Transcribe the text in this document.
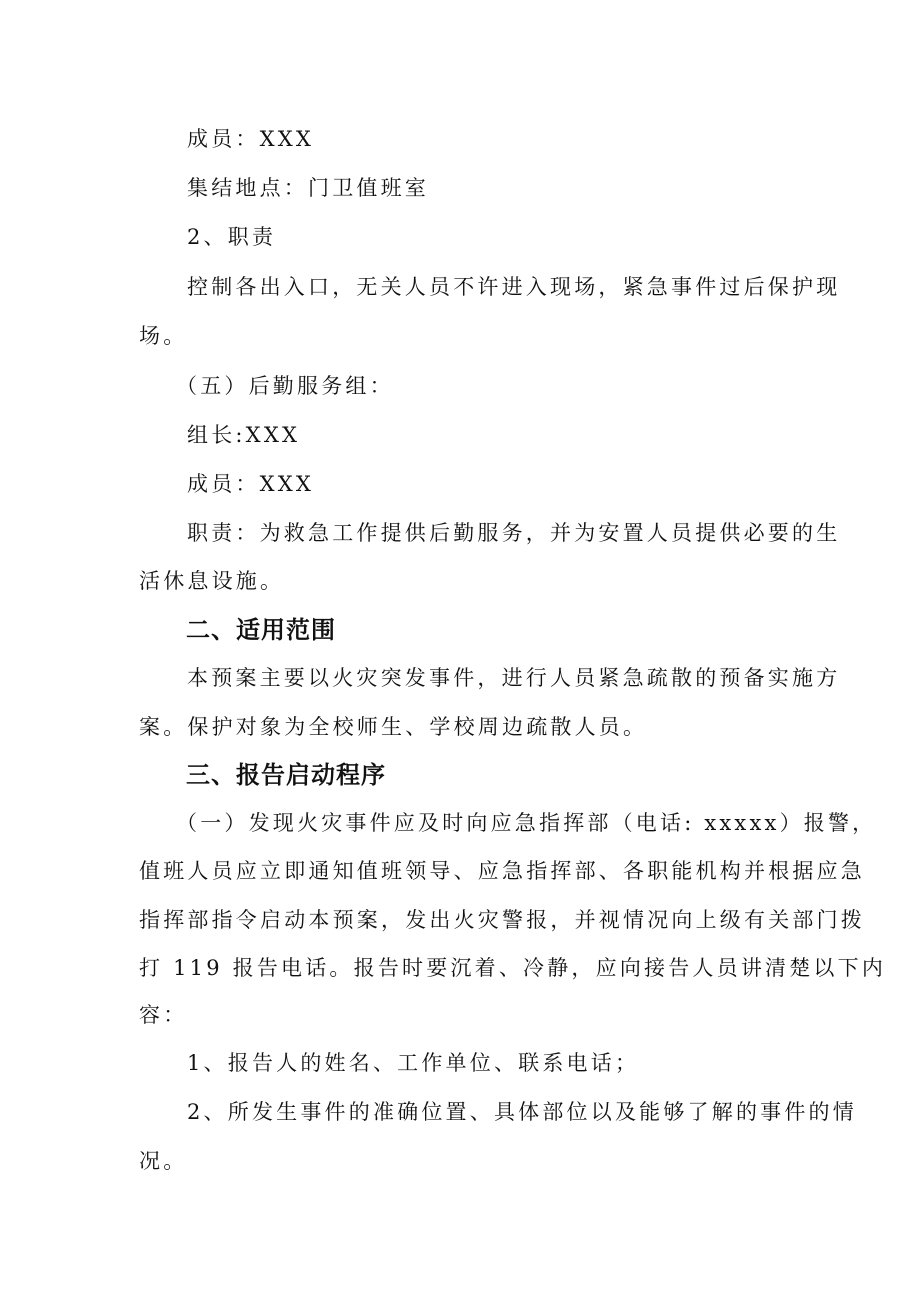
成员：XXX
集结地点：门卫值班室
2、职责
控制各出入口，无关人员不许进入现场，紧急事件过后保护现
场。
（五）后勤服务组：
组长:XXX
成员：XXX
职责：为救急工作提供后勤服务，并为安置人员提供必要的生
活休息设施。
二、适用范围
本预案主要以火灾突发事件，进行人员紧急疏散的预备实施方
案。保护对象为全校师生、学校周边疏散人员。
三、报告启动程序
（一）发现火灾事件应及时向应急指挥部（电话: xxxxx）报警，
值班人员应立即通知值班领导、应急指挥部、各职能机构并根据应急
指挥部指令启动本预案，发出火灾警报，并视情况向上级有关部门拨
打 119 报告电话。报告时要沉着、冷静，应向接告人员讲清楚以下内
容：
1、报告人的姓名、工作单位、联系电话；
2、所发生事件的准确位置、具体部位以及能够了解的事件的情
况。
